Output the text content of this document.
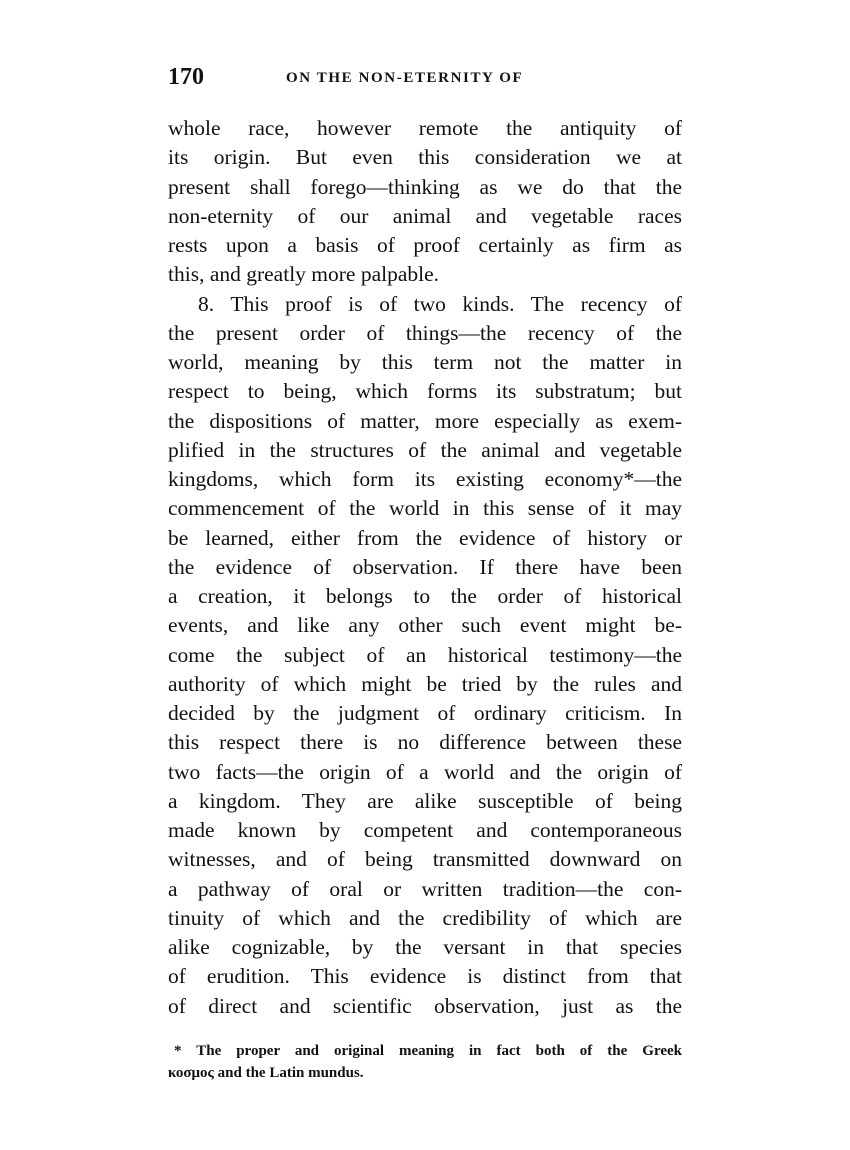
170	ON THE NON-ETERNITY OF
whole race, however remote the antiquity of
its origin. But even this consideration we at
present shall forego—thinking as we do that the
non-eternity of our animal and vegetable races
rests upon a basis of proof certainly as firm as
this, and greatly more palpable.
8. This proof is of two kinds. The recency of
the present order of things—the recency of the
world, meaning by this term not the matter in
respect to being, which forms its substratum; but
the dispositions of matter, more especially as exem-
plified in the structures of the animal and vegetable
kingdoms, which form its existing economy*—the
commencement of the world in this sense of it may
be learned, either from the evidence of history or
the evidence of observation. If there have been
a creation, it belongs to the order of historical
events, and like any other such event might be-
come the subject of an historical testimony—the
authority of which might be tried by the rules and
decided by the judgment of ordinary criticism. In
this respect there is no difference between these
two facts—the origin of a world and the origin of
a kingdom. They are alike susceptible of being
made known by competent and contemporaneous
witnesses, and of being transmitted downward on
a pathway of oral or written tradition—the con-
tinuity of which and the credibility of which are
alike cognizable, by the versant in that species
of erudition. This evidence is distinct from that
of direct and scientific observation, just as the
* The proper and original meaning in fact both of the Greek
κοσμος and the Latin mundus.
